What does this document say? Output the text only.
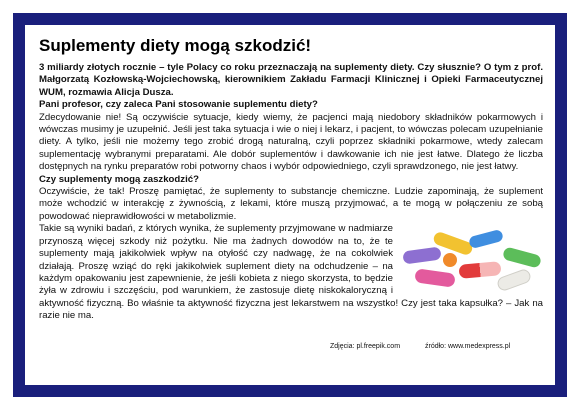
Suplementy diety mogą szkodzić!

3 miliardy złotych rocznie – tyle Polacy co roku przeznaczają na suplementy diety. Czy słusznie? O tym z prof. Małgorzatą Kozłowską-Wojciechowską, kierownikiem Zakładu Farmacji Klinicznej i Opieki Farmaceutycznej WUM, rozmawia Alicja Dusza.

Pani profesor, czy zaleca Pani stosowanie suplementu diety?

Zdecydowanie nie! Są oczywiście sytuacje, kiedy wiemy, że pacjenci mają niedobory składników pokarmowych i wówczas musimy je uzupełnić. Jeśli jest taka sytuacja i wie o niej i lekarz, i pacjent, to wówczas polecam uzupełnianie diety. A tylko, jeśli nie możemy tego zrobić drogą naturalną, czyli poprzez składniki pokarmowe, wtedy zalecam suplementację wybranymi preparatami. Ale dobór suplementów i dawkowanie ich nie jest łatwe. Dlatego że liczba dostępnych na rynku preparatów robi potworny chaos i wybór odpowiedniego, czyli sprawdzonego, nie jest łatwy.

Czy suplementy mogą zaszkodzić?

Oczywiście, że tak! Proszę pamiętać, że suplementy to substancje chemiczne. Ludzie zapominają, że suplement może wchodzić w interakcję z żywnością, z lekami, które muszą przyjmować, a te mogą w połączeniu ze sobą powodować nieprawidłowości w metabolizmie.

Takie są wyniki badań, z których wynika, że suplementy przyjmowane w nadmiarze przynoszą więcej szkody niż pożytku. Nie ma żadnych dowodów na to, że te suplementy mają jakikolwiek wpływ na otyłość czy nadwagę, że na cokolwiek działają. Proszę wziąć do ręki jakikolwiek suplement diety na odchudzenie – na każdym opakowaniu jest zapewnienie, że jeśli kobieta z niego skorzysta, to będzie żyła w zdrowiu i szczęściu, pod warunkiem, że zastosuje dietę niskokaloryczną i aktywność fizyczną. Bo właśnie ta aktywność fizyczna jest lekarstwem na wszystko! Czy jest taka kapsułka? – Jak na razie nie ma.

Zdjęcia: pl.freepik.com	źródło: www.medexpress.pl
